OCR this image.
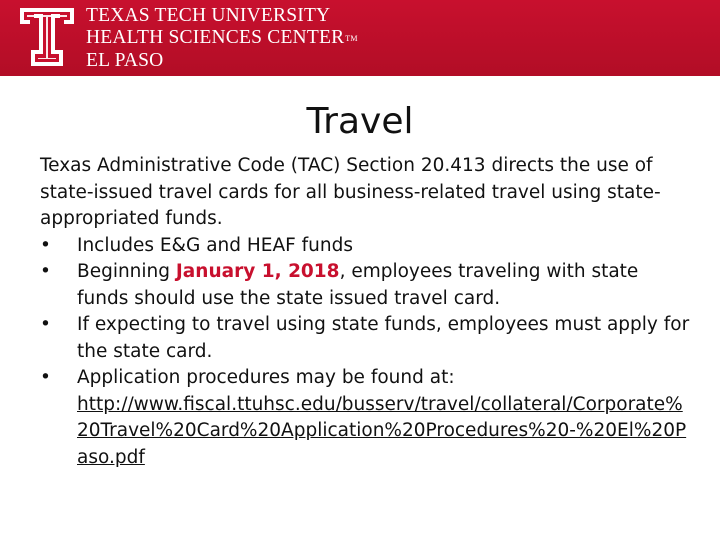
TEXAS TECH UNIVERSITY
HEALTH SCIENCES CENTERTM
EL PASO
Travel

Texas Administrative Code (TAC) Section 20.413 directs the use of state-issued travel cards for all business-related travel using state-appropriated funds.

• Includes E&G and HEAF funds
• Beginning January 1, 2018, employees traveling with state funds should use the state issued travel card.
• If expecting to travel using state funds, employees must apply for the state card.
• Application procedures may be found at:
http://www.fiscal.ttuhsc.edu/busserv/travel/collateral/Corporate%20Travel%20Card%20Application%20Procedures%20-%20El%20Paso.pdf
